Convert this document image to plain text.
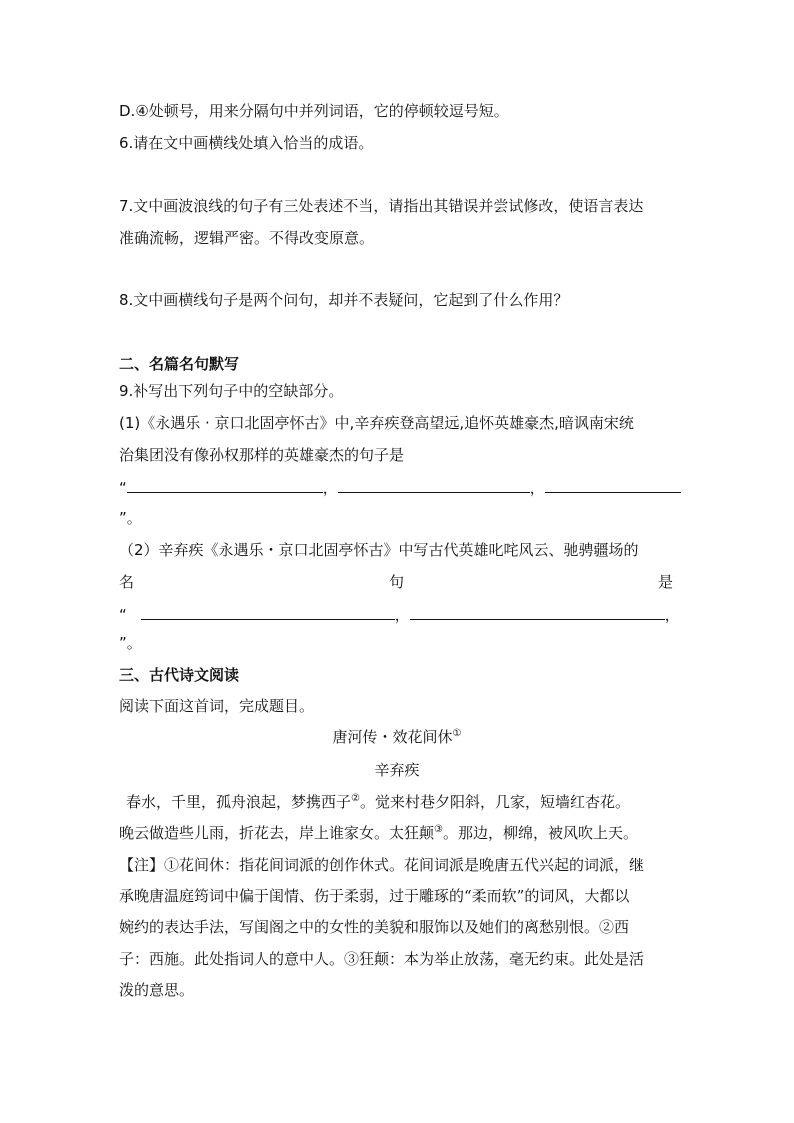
D.④处顿号，用来分隔句中并列词语，它的停顿较逗号短。
6.请在文中画横线处填入恰当的成语。
7.文中画波浪线的句子有三处表述不当，请指出其错误并尝试修改，使语言表达
准确流畅，逻辑严密。不得改变原意。
8.文中画横线句子是两个问句，却并不表疑问，它起到了什么作用？
二、名篇名句默写
9.补写出下列句子中的空缺部分。
(1)《永遇乐 · 京口北固亭怀古》中,辛弃疾登高望远,追怀英雄豪杰,暗讽南宋统
治集团没有像孙权那样的英雄豪杰的句子是
“	，	，
”。
（2）辛弃疾《永遇乐・京口北固亭怀古》中写古代英雄叱咤风云、驰骋疆场的
名	句	是
“	，	，
”。
三、古代诗文阅读
阅读下面这首词，完成题目。
唐河传・效花间休①
辛弃疾
春水，千里，孤舟浪起，梦携西子②。觉来村巷夕阳斜，几家，短墙红杏花。
晚云做造些儿雨，折花去，岸上谁家女。太狂颠③。那边，柳绵，被风吹上天。
【注】①花间休：指花间词派的创作休式。花间词派是晚唐五代兴起的词派，继
承晚唐温庭筠词中偏于闺情、伤于柔弱，过于雕琢的“柔而软”的词风，大都以
婉约的表达手法，写闺阁之中的女性的美貌和服饰以及她们的离愁别恨。②西
子：西施。此处指词人的意中人。③狂颠：本为举止放荡，毫无约束。此处是活
泼的意思。
